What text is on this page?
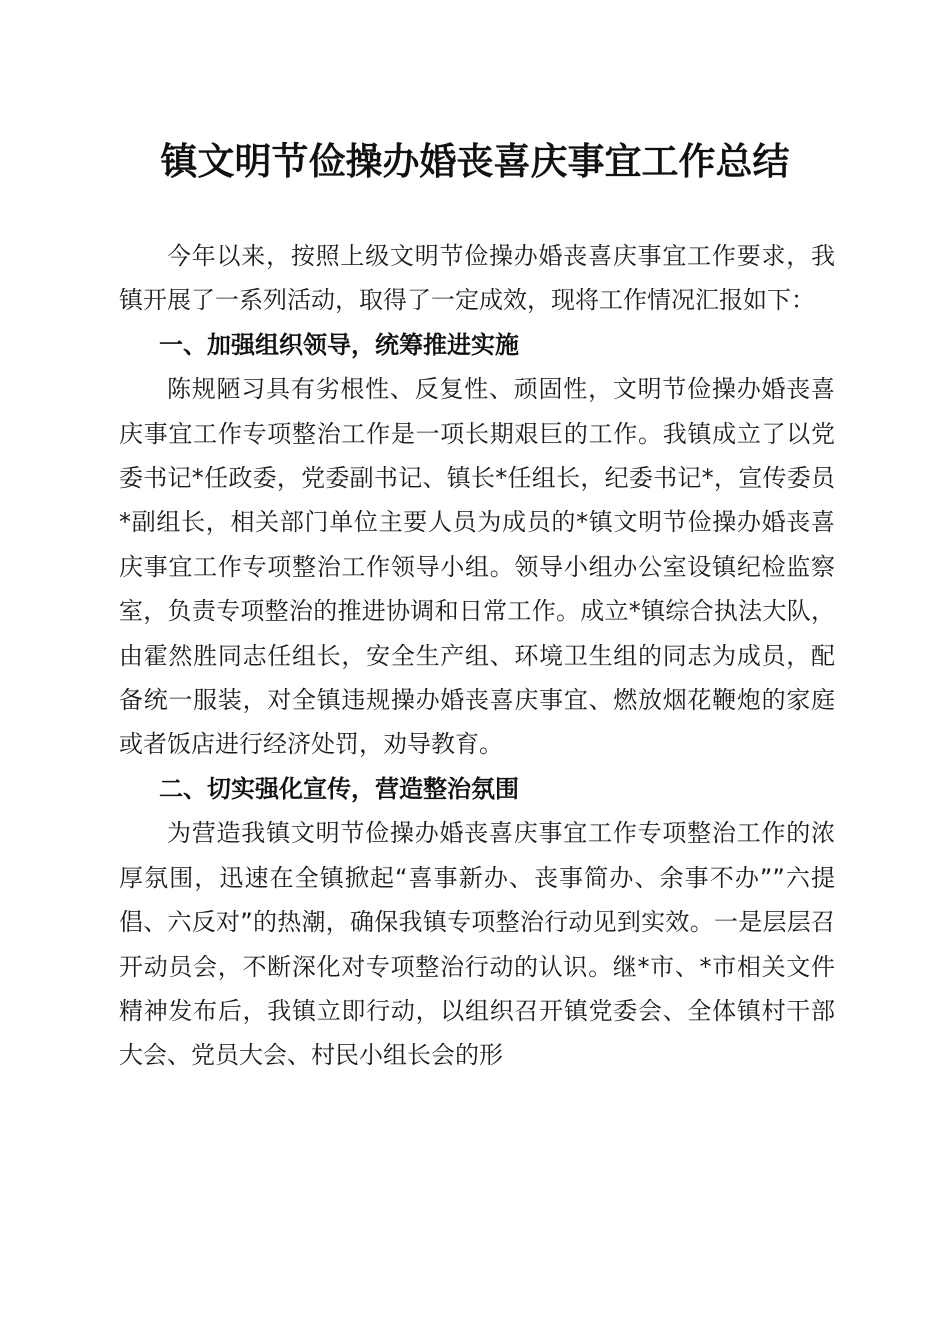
镇文明节俭操办婚丧喜庆事宜工作总结

今年以来，按照上级文明节俭操办婚丧喜庆事宜工作要求，我镇开展了一系列活动，取得了一定成效，现将工作情况汇报如下：

一、加强组织领导，统筹推进实施

陈规陋习具有劣根性、反复性、顽固性，文明节俭操办婚丧喜庆事宜工作专项整治工作是一项长期艰巨的工作。我镇成立了以党委书记*任政委，党委副书记、镇长*任组长，纪委书记*，宣传委员*副组长，相关部门单位主要人员为成员的*镇文明节俭操办婚丧喜庆事宜工作专项整治工作领导小组。领导小组办公室设镇纪检监察室，负责专项整治的推进协调和日常工作。成立*镇综合执法大队，由霍然胜同志任组长，安全生产组、环境卫生组的同志为成员，配备统一服装，对全镇违规操办婚丧喜庆事宜、燃放烟花鞭炮的家庭或者饭店进行经济处罚，劝导教育。

二、切实强化宣传，营造整治氛围

为营造我镇文明节俭操办婚丧喜庆事宜工作专项整治工作的浓厚氛围，迅速在全镇掀起“喜事新办、丧事简办、余事不办””六提倡、六反对”的热潮，确保我镇专项整治行动见到实效。一是层层召开动员会，不断深化对专项整治行动的认识。继*市、*市相关文件精神发布后，我镇立即行动，以组织召开镇党委会、全体镇村干部大会、党员大会、村民小组长会的形
